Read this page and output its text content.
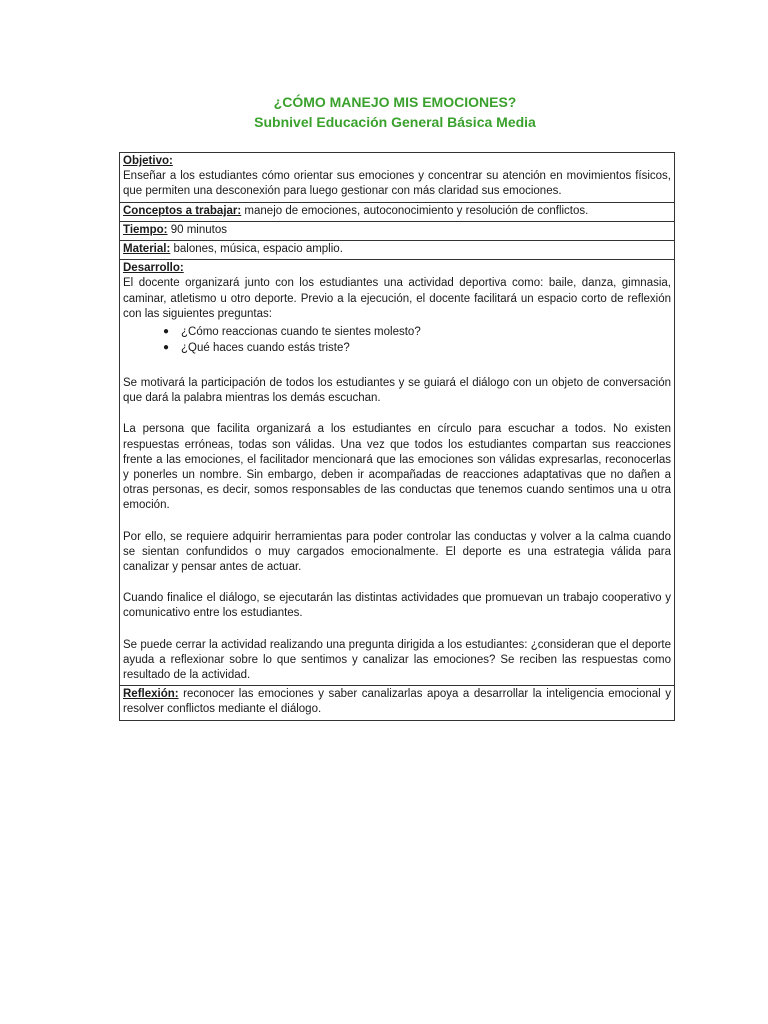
¿CÓMO MANEJO MIS EMOCIONES?
Subnivel Educación General Básica Media
Objetivo:
Enseñar a los estudiantes cómo orientar sus emociones y concentrar su atención en movimientos físicos, que permiten una desconexión para luego gestionar con más claridad sus emociones.
Conceptos a trabajar: manejo de emociones, autoconocimiento y resolución de conflictos.
Tiempo: 90 minutos
Material: balones, música, espacio amplio.
Desarrollo:

El docente organizará junto con los estudiantes una actividad deportiva como: baile, danza, gimnasia, caminar, atletismo u otro deporte. Previo a la ejecución, el docente facilitará un espacio corto de reflexión con las siguientes preguntas:

● ¿Cómo reaccionas cuando te sientes molesto?
● ¿Qué haces cuando estás triste?

Se motivará la participación de todos los estudiantes y se guiará el diálogo con un objeto de conversación que dará la palabra mientras los demás escuchan.

La persona que facilita organizará a los estudiantes en círculo para escuchar a todos. No existen respuestas erróneas, todas son válidas. Una vez que todos los estudiantes compartan sus reacciones frente a las emociones, el facilitador mencionará que las emociones son válidas expresarlas, reconocerlas y ponerles un nombre. Sin embargo, deben ir acompañadas de reacciones adaptativas que no dañen a otras personas, es decir, somos responsables de las conductas que tenemos cuando sentimos una u otra emoción.

Por ello, se requiere adquirir herramientas para poder controlar las conductas y volver a la calma cuando se sientan confundidos o muy cargados emocionalmente. El deporte es una estrategia válida para canalizar y pensar antes de actuar.

Cuando finalice el diálogo, se ejecutarán las distintas actividades que promuevan un trabajo cooperativo y comunicativo entre los estudiantes.

Se puede cerrar la actividad realizando una pregunta dirigida a los estudiantes: ¿consideran que el deporte ayuda a reflexionar sobre lo que sentimos y canalizar las emociones? Se reciben las respuestas como resultado de la actividad.

Reflexión: reconocer las emociones y saber canalizarlas apoya a desarrollar la inteligencia emocional y resolver conflictos mediante el diálogo.
